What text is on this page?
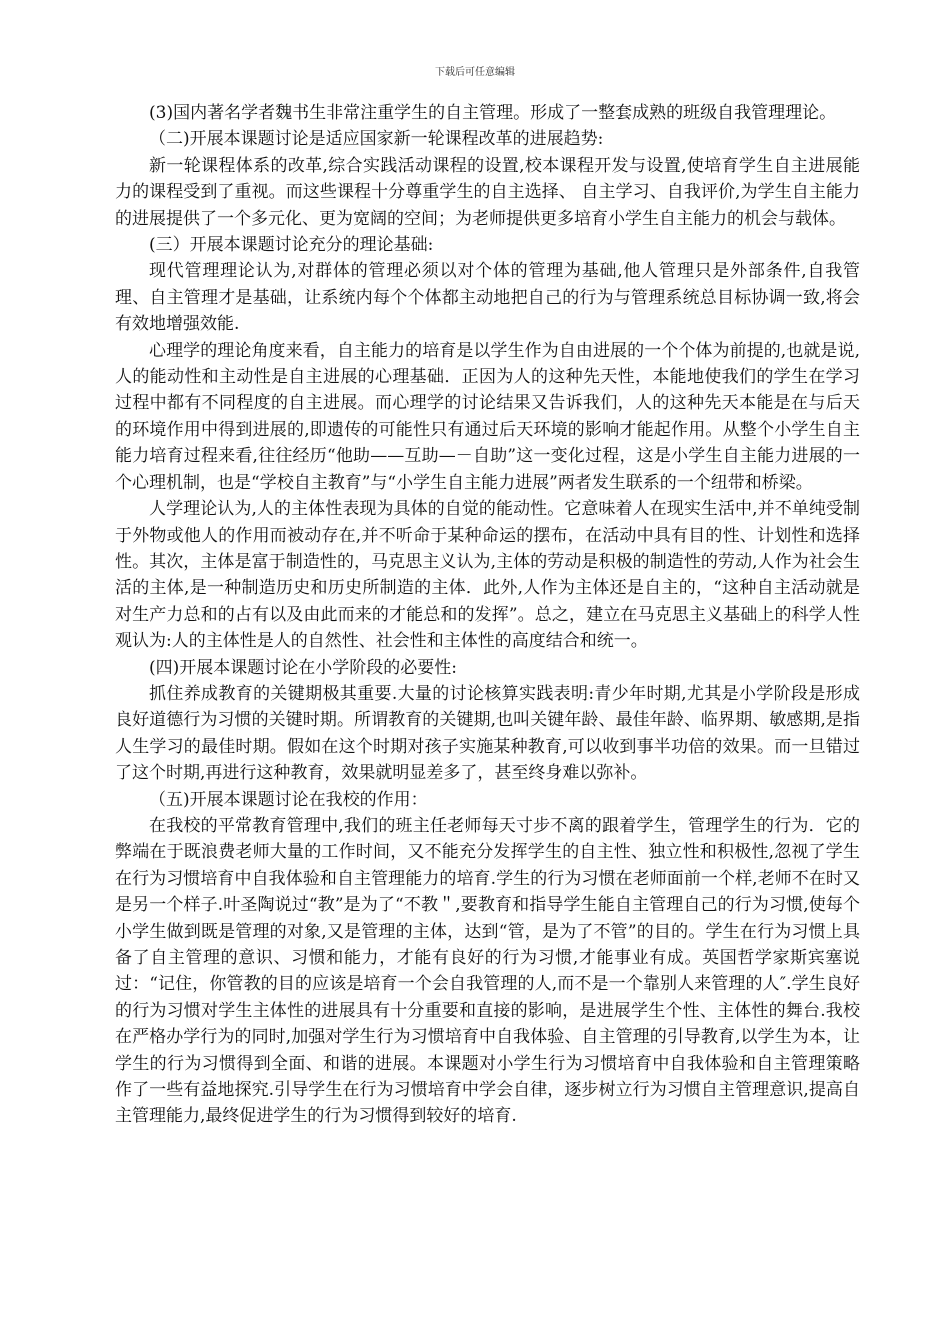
下载后可任意编辑

(3)国内著名学者魏书生非常注重学生的自主管理。形成了一整套成熟的班级自我管理理论。

（二)开展本课题讨论是适应国家新一轮课程改革的进展趋势:

新一轮课程体系的改革,综合实践活动课程的设置,校本课程开发与设置,使培育学生自主进展能力的课程受到了重视。而这些课程十分尊重学生的自主选择、 自主学习、自我评价,为学生自主能力的进展提供了一个多元化、更为宽阔的空间；为老师提供更多培育小学生自主能力的机会与载体。

(三）开展本课题讨论充分的理论基础:

现代管理理论认为,对群体的管理必须以对个体的管理为基础,他人管理只是外部条件,自我管理、自主管理才是基础，让系统内每个个体都主动地把自己的行为与管理系统总目标协调一致,将会有效地增强效能.

心理学的理论角度来看，自主能力的培育是以学生作为自由进展的一个个体为前提的,也就是说,人的能动性和主动性是自主进展的心理基础．正因为人的这种先天性，本能地使我们的学生在学习过程中都有不同程度的自主进展。而心理学的讨论结果又告诉我们，人的这种先天本能是在与后天的环境作用中得到进展的,即遗传的可能性只有通过后天环境的影响才能起作用。从整个小学生自主能力培育过程来看,往往经历“他助——互助—－自助”这一变化过程，这是小学生自主能力进展的一个心理机制，也是“学校自主教育”与“小学生自主能力进展”两者发生联系的一个纽带和桥梁。

人学理论认为,人的主体性表现为具体的自觉的能动性。它意味着人在现实生活中,并不单纯受制于外物或他人的作用而被动存在,并不听命于某种命运的摆布，在活动中具有目的性、计划性和选择性。其次，主体是富于制造性的，马克思主义认为,主体的劳动是积极的制造性的劳动,人作为社会生活的主体,是一种制造历史和历史所制造的主体．此外,人作为主体还是自主的，“这种自主活动就是对生产力总和的占有以及由此而来的才能总和的发挥”。总之，建立在马克思主义基础上的科学人性观认为:人的主体性是人的自然性、社会性和主体性的高度结合和统一。

(四)开展本课题讨论在小学阶段的必要性:

抓住养成教育的关键期极其重要.大量的讨论核算实践表明:青少年时期,尤其是小学阶段是形成良好道德行为习惯的关键时期。所谓教育的关键期,也叫关键年龄、最佳年龄、临界期、敏感期,是指人生学习的最佳时期。假如在这个时期对孩子实施某种教育,可以收到事半功倍的效果。而一旦错过了这个时期,再进行这种教育，效果就明显差多了，甚至终身难以弥补。

（五)开展本课题讨论在我校的作用：

在我校的平常教育管理中,我们的班主任老师每天寸步不离的跟着学生，管理学生的行为．它的弊端在于既浪费老师大量的工作时间，又不能充分发挥学生的自主性、独立性和积极性,忽视了学生在行为习惯培育中自我体验和自主管理能力的培育.学生的行为习惯在老师面前一个样,老师不在时又是另一个样子.叶圣陶说过“教”是为了“不教＂,要教育和指导学生能自主管理自己的行为习惯,使每个小学生做到既是管理的对象,又是管理的主体，达到“管，是为了不管”的目的。学生在行为习惯上具备了自主管理的意识、习惯和能力，才能有良好的行为习惯,才能事业有成。英国哲学家斯宾塞说过：“记住，你管教的目的应该是培育一个会自我管理的人,而不是一个靠别人来管理的人″.学生良好的行为习惯对学生主体性的进展具有十分重要和直接的影响，是进展学生个性、主体性的舞台.我校在严格办学行为的同时,加强对学生行为习惯培育中自我体验、自主管理的引导教育,以学生为本，让学生的行为习惯得到全面、和谐的进展。本课题对小学生行为习惯培育中自我体验和自主管理策略作了一些有益地探究.引导学生在行为习惯培育中学会自律，逐步树立行为习惯自主管理意识,提高自主管理能力,最终促进学生的行为习惯得到较好的培育.
